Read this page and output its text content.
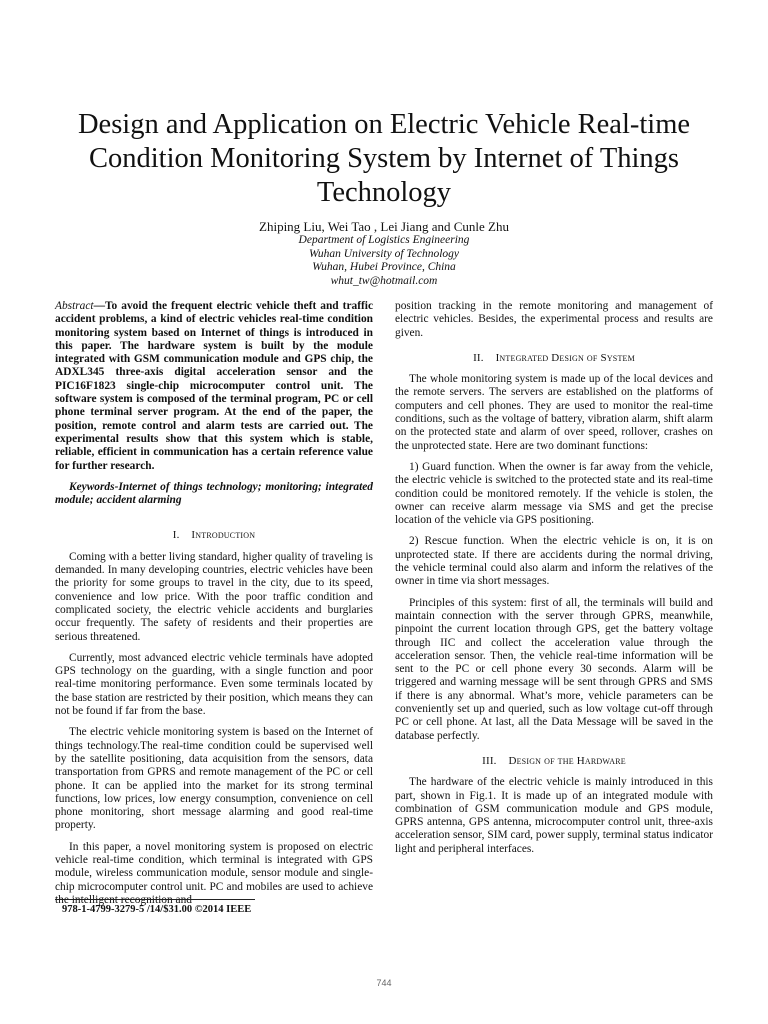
Design and Application on Electric Vehicle Real-time Condition Monitoring System by Internet of Things Technology
Zhiping Liu, Wei Tao , Lei Jiang and Cunle Zhu
Department of Logistics Engineering
Wuhan University of Technology
Wuhan, Hubei Province, China
whut_tw@hotmail.com

Abstract—To avoid the frequent electric vehicle theft and traffic accident problems, a kind of electric vehicles real-time condition monitoring system based on Internet of things is introduced in this paper. The hardware system is built by the module integrated with GSM communication module and GPS chip, the ADXL345 three-axis digital acceleration sensor and the PIC16F1823 single-chip microcomputer control unit. The software system is composed of the terminal program, PC or cell phone terminal server program. At the end of the paper, the position, remote control and alarm tests are carried out. The experimental results show that this system which is stable, reliable, efficient in communication has a certain reference value for further research.

Keywords-Internet of things technology; monitoring; integrated module; accident alarming

I. Introduction

Coming with a better living standard, higher quality of traveling is demanded. In many developing countries, electric vehicles have been the priority for some groups to travel in the city, due to its speed, convenience and low price. With the poor traffic condition and complicated society, the electric vehicle accidents and burglaries occur frequently. The safety of residents and their properties are serious threatened.

Currently, most advanced electric vehicle terminals have adopted GPS technology on the guarding, with a single function and poor real-time monitoring performance. Even some terminals located by the base station are restricted by their position, which means they can not be found if far from the base.

The electric vehicle monitoring system is based on the Internet of things technology.The real-time condition could be supervised well by the satellite positioning, data acquisition from the sensors, data transportation from GPRS and remote management of the PC or cell phone. It can be applied into the market for its strong terminal functions, low prices, low energy consumption, convenience on cell phone monitoring, short message alarming and good real-time property.

In this paper, a novel monitoring system is proposed on electric vehicle real-time condition, which terminal is integrated with GPS module, wireless communication module, sensor module and single-chip microcomputer control unit. PC and mobiles are used to achieve the intelligent recognition and

position tracking in the remote monitoring and management of electric vehicles. Besides, the experimental process and results are given.

II. Integrated Design of System

The whole monitoring system is made up of the local devices and the remote servers. The servers are established on the platforms of computers and cell phones. They are used to monitor the real-time conditions, such as the voltage of battery, vibration alarm, shift alarm on the protected state and alarm of over speed, rollover, crashes on the unprotected state. Here are two dominant functions:

1) Guard function. When the owner is far away from the vehicle, the electric vehicle is switched to the protected state and its real-time condition could be monitored remotely. If the vehicle is stolen, the owner can receive alarm message via SMS and get the precise location of the vehicle via GPS positioning.

2) Rescue function. When the electric vehicle is on, it is on unprotected state. If there are accidents during the normal driving, the vehicle terminal could also alarm and inform the relatives of the owner in time via short messages.

Principles of this system: first of all, the terminals will build and maintain connection with the server through GPRS, meanwhile, pinpoint the current location through GPS, get the battery voltage through IIC and collect the acceleration value through the acceleration sensor. Then, the vehicle real-time information will be sent to the PC or cell phone every 30 seconds. Alarm will be triggered and warning message will be sent through GPRS and SMS if there is any abnormal. What’s more, vehicle parameters can be conveniently set up and queried, such as low voltage cut-off through PC or cell phone. At last, all the Data Message will be saved in the database perfectly.

III. Design of the Hardware

The hardware of the electric vehicle is mainly introduced in this part, shown in Fig.1. It is made up of an integrated module with combination of GSM communication module and GPS module, GPRS antenna, GPS antenna, microcomputer control unit, three-axis acceleration sensor, SIM card, power supply, terminal status indicator light and peripheral interfaces.

978-1-4799-3279-5 /14/$31.00 ©2014 IEEE
744
